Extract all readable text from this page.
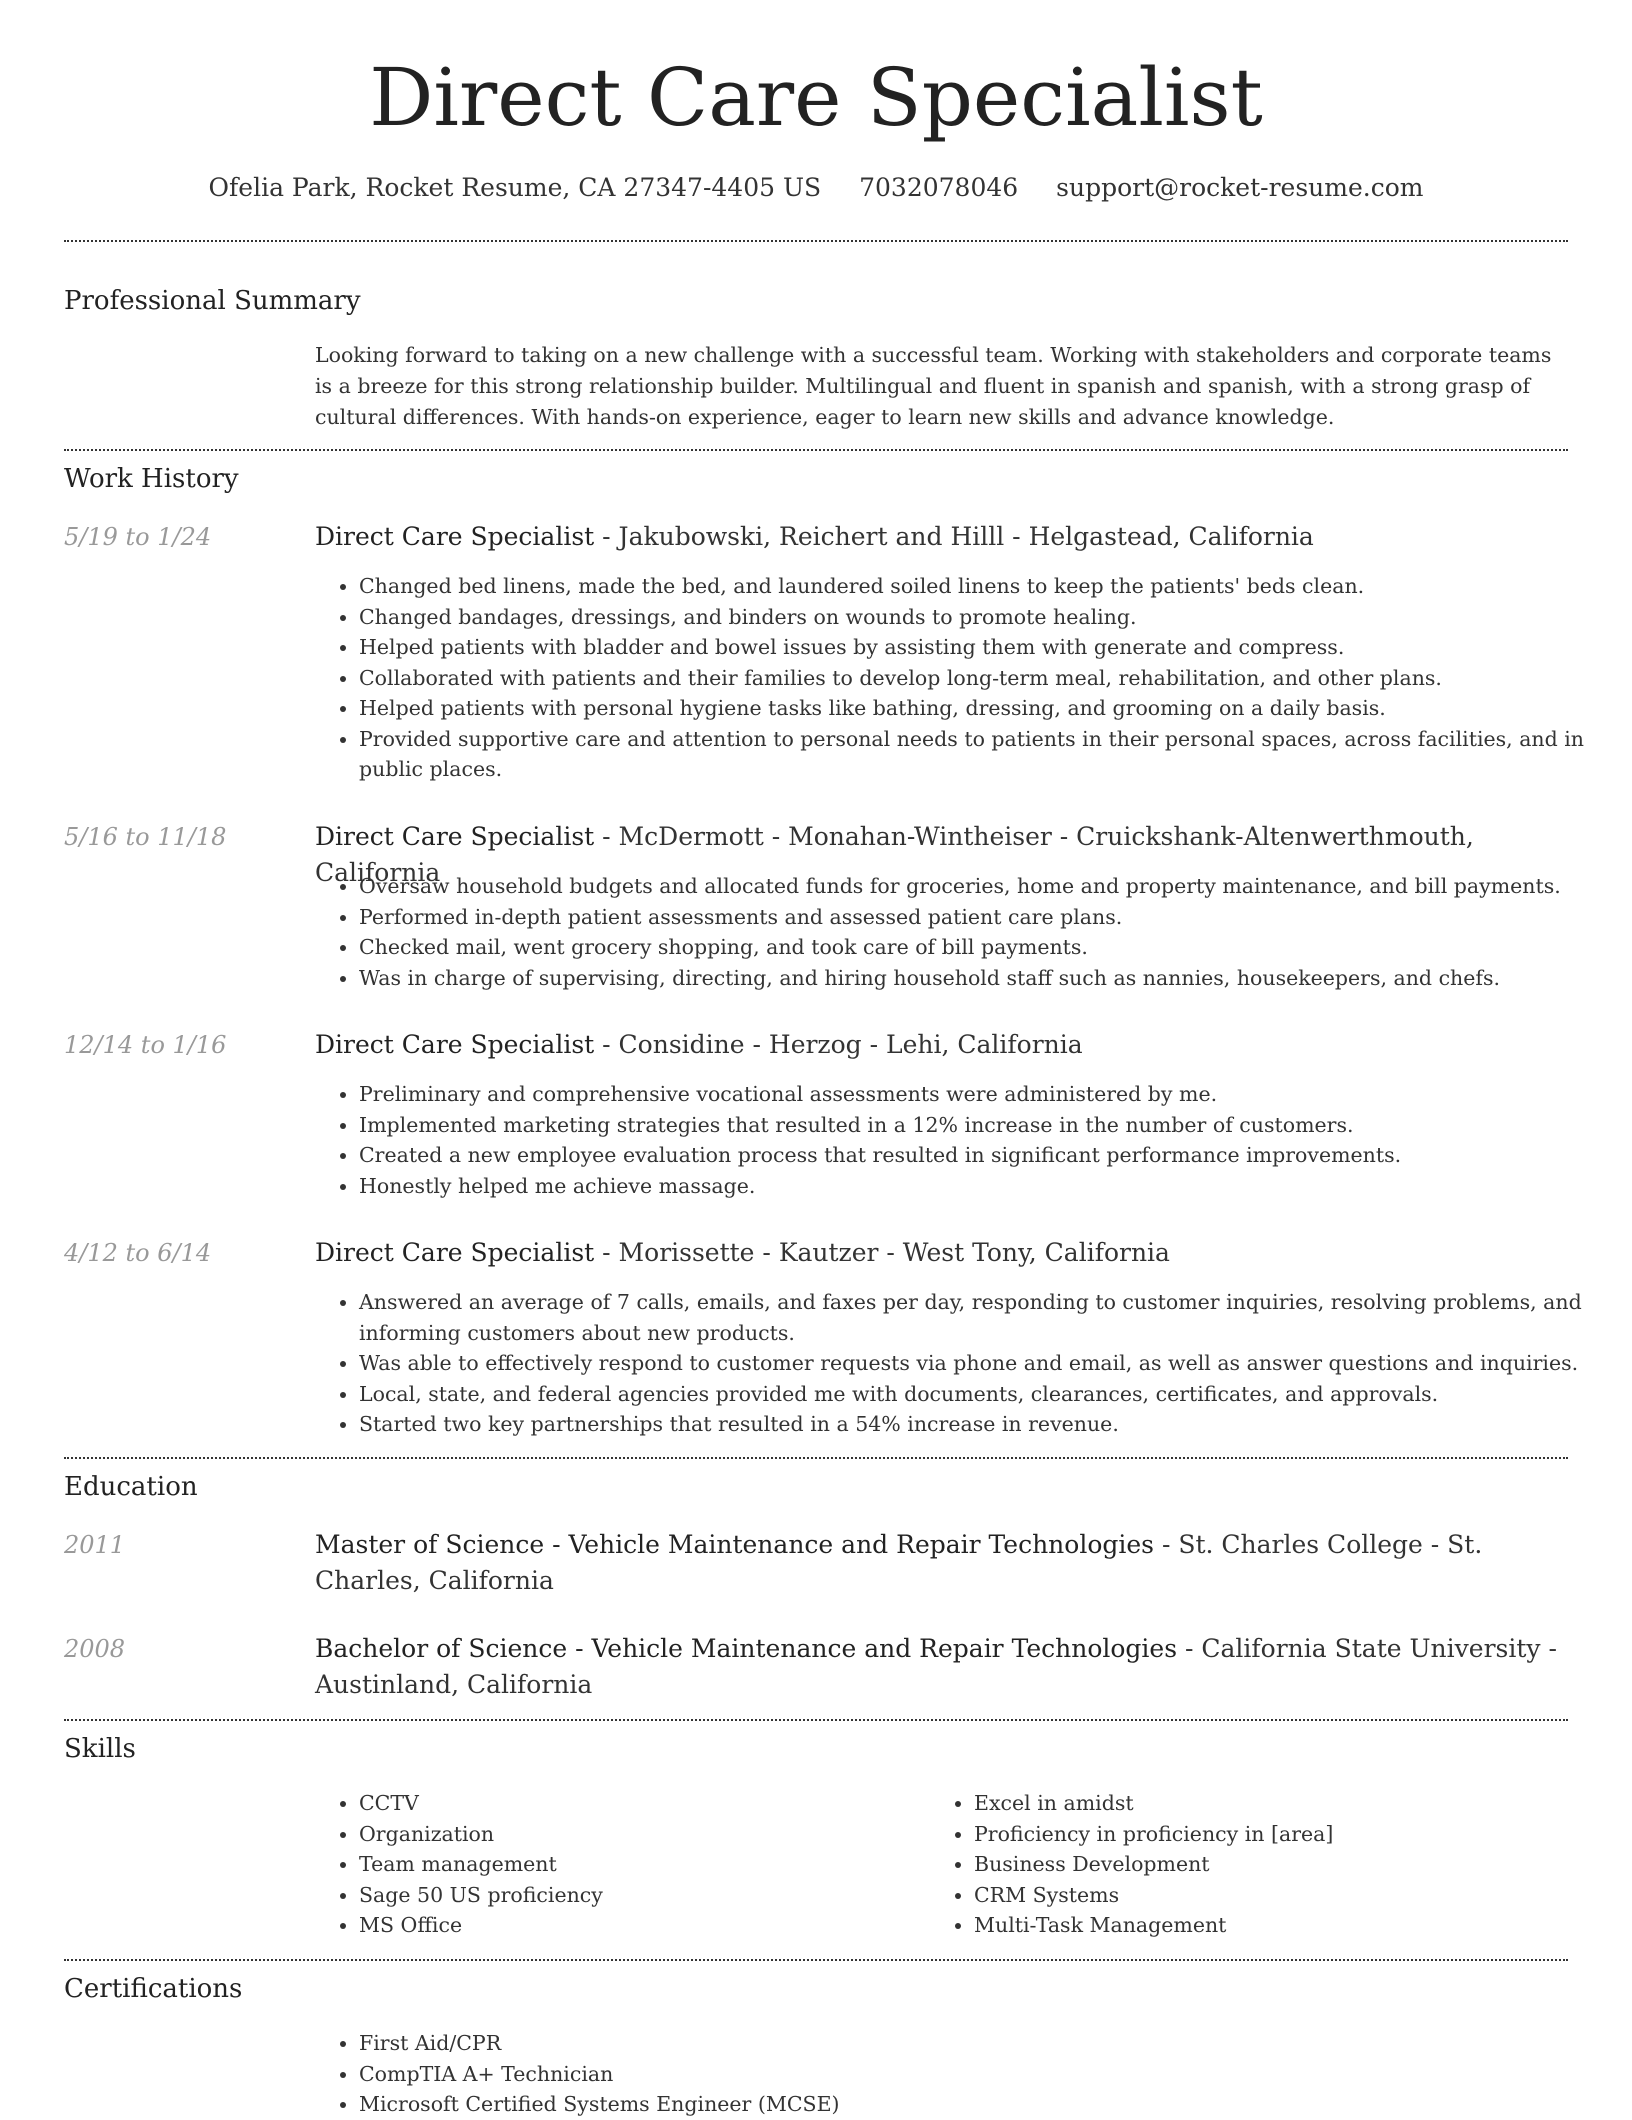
Direct Care Specialist
Ofelia Park, Rocket Resume, CA 27347-4405 US 7032078046 support@rocket-resume.com
Professional Summary

Looking forward to taking on a new challenge with a successful team. Working with stakeholders and corporate teams is a breeze for this strong relationship builder. Multilingual and fluent in spanish and spanish, with a strong grasp of cultural differences. With hands-on experience, eager to learn new skills and advance knowledge.

Work History
5/19 to 1/24	Direct Care Specialist - Jakubowski, Reichert and Hilll - Helgastead, California
• Changed bed linens, made the bed, and laundered soiled linens to keep the patients' beds clean.
• Changed bandages, dressings, and binders on wounds to promote healing.
• Helped patients with bladder and bowel issues by assisting them with generate and compress.
• Collaborated with patients and their families to develop long-term meal, rehabilitation, and other plans.
• Helped patients with personal hygiene tasks like bathing, dressing, and grooming on a daily basis.
• Provided supportive care and attention to personal needs to patients in their personal spaces, across facilities, and in public places.
5/16 to 11/18	Direct Care Specialist - McDermott - Monahan-Wintheiser - Cruickshank-Altenwerthmouth, California
• Oversaw household budgets and allocated funds for groceries, home and property maintenance, and bill payments.
• Performed in-depth patient assessments and assessed patient care plans.
• Checked mail, went grocery shopping, and took care of bill payments.
• Was in charge of supervising, directing, and hiring household staff such as nannies, housekeepers, and chefs.
12/14 to 1/16	Direct Care Specialist - Considine - Herzog - Lehi, California
• Preliminary and comprehensive vocational assessments were administered by me.
• Implemented marketing strategies that resulted in a 12% increase in the number of customers.
• Created a new employee evaluation process that resulted in significant performance improvements.
• Honestly helped me achieve massage.
4/12 to 6/14	Direct Care Specialist - Morissette - Kautzer - West Tony, California
• Answered an average of 7 calls, emails, and faxes per day, responding to customer inquiries, resolving problems, and informing customers about new products.
• Was able to effectively respond to customer requests via phone and email, as well as answer questions and inquiries.
• Local, state, and federal agencies provided me with documents, clearances, certificates, and approvals.
• Started two key partnerships that resulted in a 54% increase in revenue.
Education
2011	Master of Science - Vehicle Maintenance and Repair Technologies - St. Charles College - St. Charles, California
2008	Bachelor of Science - Vehicle Maintenance and Repair Technologies - California State University - Austinland, California
Skills
• CCTV
• Organization
• Team management
• Sage 50 US proficiency
• MS Office
• Excel in amidst
• Proficiency in proficiency in [area]
• Business Development
• CRM Systems
• Multi-Task Management
Certifications
• First Aid/CPR
• CompTIA A+ Technician
• Microsoft Certified Systems Engineer (MCSE)
